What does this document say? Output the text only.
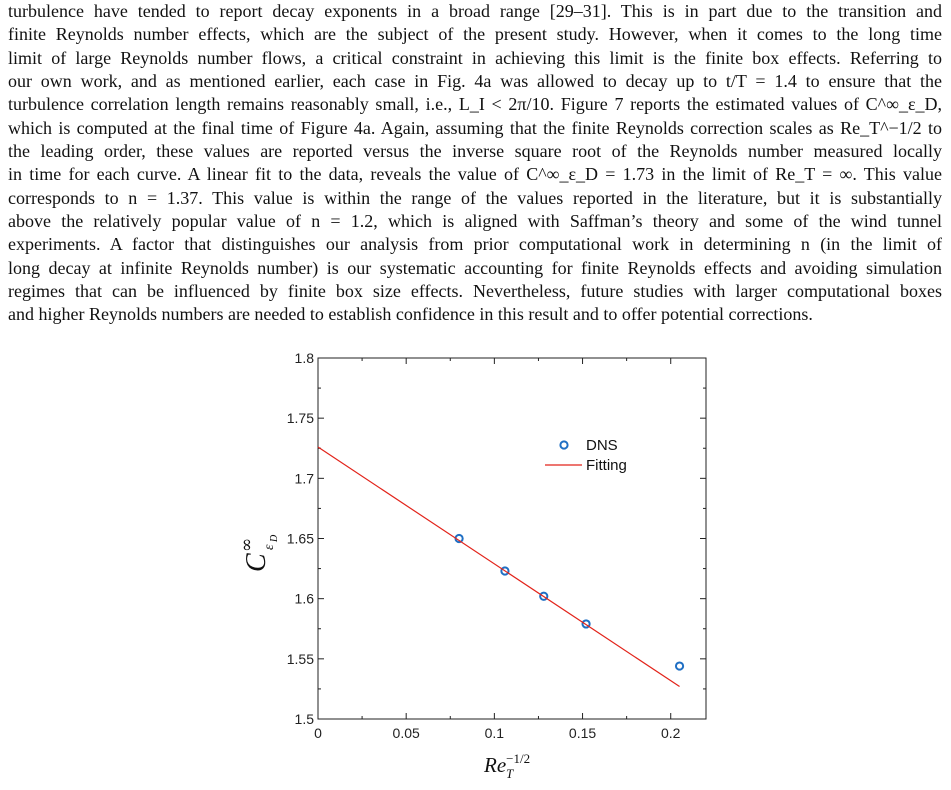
turbulence have tended to report decay exponents in a broad range [29–31]. This is in part due to the transition and
finite Reynolds number effects, which are the subject of the present study. However, when it comes to the long time
limit of large Reynolds number flows, a critical constraint in achieving this limit is the finite box effects. Referring to
our own work, and as mentioned earlier, each case in Fig. 4a was allowed to decay up to t/T = 1.4 to ensure that the
turbulence correlation length remains reasonably small, i.e., L_I < 2π/10. Figure 7 reports the estimated values of C^∞_ε_D,
which is computed at the final time of Figure 4a. Again, assuming that the finite Reynolds correction scales as Re_T^−1/2 to
the leading order, these values are reported versus the inverse square root of the Reynolds number measured locally
in time for each curve. A linear fit to the data, reveals the value of C^∞_ε_D = 1.73 in the limit of Re_T = ∞. This value
corresponds to n = 1.37. This value is within the range of the values reported in the literature, but it is substantially
above the relatively popular value of n = 1.2, which is aligned with Saffman’s theory and some of the wind tunnel
experiments. A factor that distinguishes our analysis from prior computational work in determining n (in the limit of
long decay at infinite Reynolds number) is our systematic accounting for finite Reynolds effects and avoiding simulation
regimes that can be influenced by finite box size effects. Nevertheless, future studies with larger computational boxes
and higher Reynolds numbers are needed to establish confidence in this result and to offer potential corrections.

0	0.05	0.1	0.15	0.2
1.5
1.55
1.6
1.65
1.7
1.75
1.8
DNS
Fitting
$Re^{-1/2}$
T
C
∞ ε
D
